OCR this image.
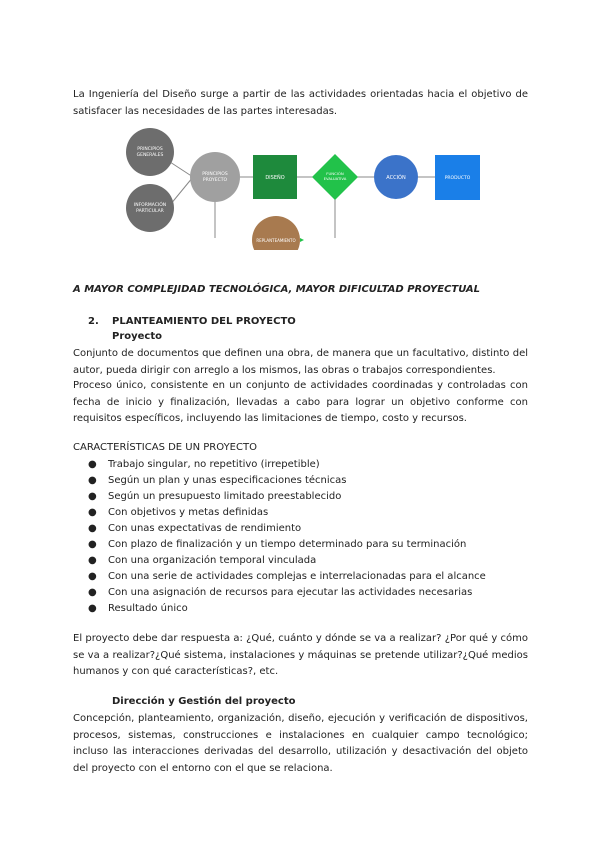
La Ingeniería del Diseño surge a partir de las actividades orientadas hacia el objetivo de satisfacer las necesidades de las partes interesadas.

PRINCIPIOS GENERALES
INFORMACIÓN PARTICULAR
PRINCIPIOS PROYECTO	DISEÑO
FUNCIÓN EVALUATIVA	ACCIÓN	PRODUCTO
REPLANTEAMIENTO
A MAYOR COMPLEJIDAD TECNOLÓGICA, MAYOR DIFICULTAD PROYECTUAL
2. PLANTEAMIENTO DEL PROYECTO
Proyecto

Conjunto de documentos que definen una obra, de manera que un facultativo, distinto del autor, pueda dirigir con arreglo a los mismos, las obras o trabajos correspondientes.

Proceso único, consistente en un conjunto de actividades coordinadas y controladas con fecha de inicio y finalización, llevadas a cabo para lograr un objetivo conforme con requisitos específicos, incluyendo las limitaciones de tiempo, costo y recursos.

CARACTERÍSTICAS DE UN PROYECTO
● Trabajo singular, no repetitivo (irrepetible)
● Según un plan y unas especificaciones técnicas
● Según un presupuesto limitado preestablecido
● Con objetivos y metas definidas
● Con unas expectativas de rendimiento
● Con plazo de finalización y un tiempo determinado para su terminación
● Con una organización temporal vinculada
● Con una serie de actividades complejas e interrelacionadas para el alcance
● Con una asignación de recursos para ejecutar las actividades necesarias
● Resultado único

El proyecto debe dar respuesta a: ¿Qué, cuánto y dónde se va a realizar? ¿Por qué y cómo se va a realizar?¿Qué sistema, instalaciones y máquinas se pretende utilizar?¿Qué medios humanos y con qué características?, etc.

Dirección y Gestión del proyecto

Concepción, planteamiento, organización, diseño, ejecución y verificación de dispositivos, procesos, sistemas, construcciones e instalaciones en cualquier campo tecnológico; incluso las interacciones derivadas del desarrollo, utilización y desactivación del objeto del proyecto con el entorno con el que se relaciona.
